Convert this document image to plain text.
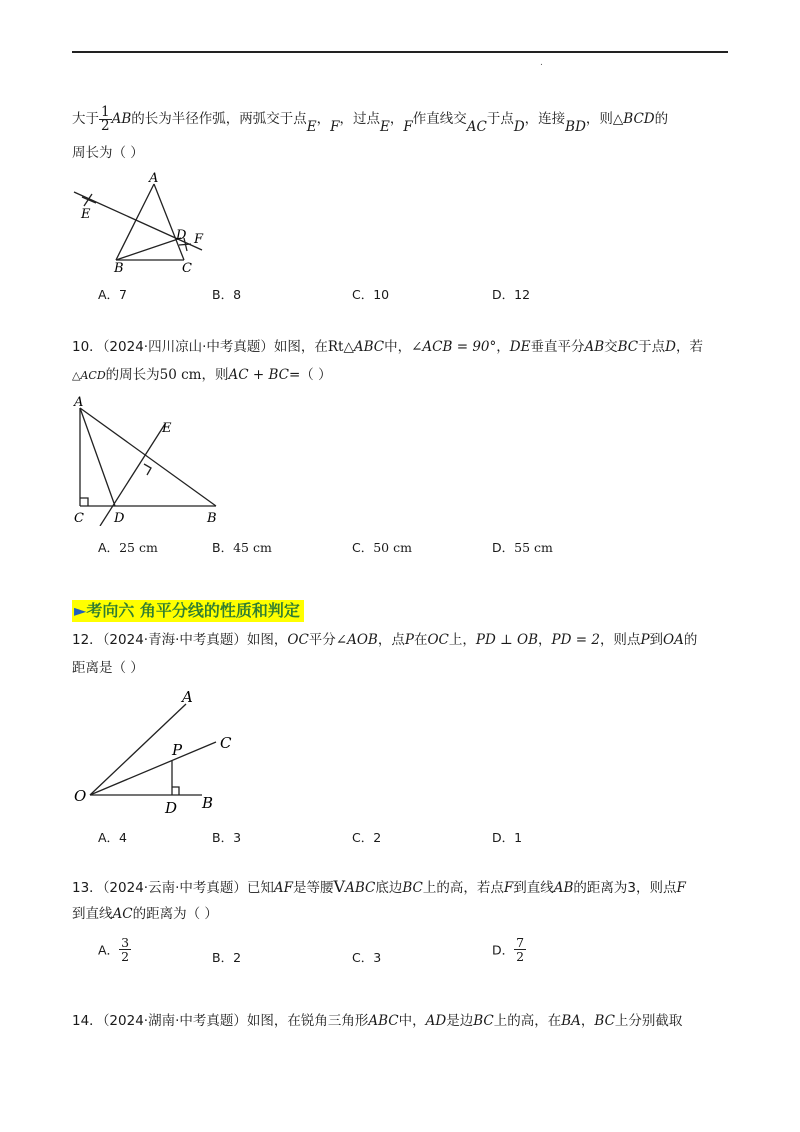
.
大于 $\frac{1}{2}$ AB的长为半径作弧，两弧交于点E，F，过点E，F作直线交AC于点D，连接BD，则△BCD的
周长为（ ）
A
E
D F
B	C
A．7	B．8	C．10	D．12
10．（2024·四川凉山·中考真题）如图，在Rt△ABC中，∠ACB = 90°，DE垂直平分AB交BC于点D，若
△ACD的周长为50 cm，则AC + BC=（ ）
A
E
C D	B
A．25 cm	B．45 cm	C．50 cm	D．55 cm
►考向六 角平分线的性质和判定
12．（2024·青海·中考真题）如图，OC平分∠AOB，点P在OC上，PD ⊥ OB，PD = 2，则点P到OA的
距离是（ ）
A
C
P
O
D B
A．4	B．3	C．2	D．1
13．（2024·云南·中考真题）已知AF是等腰VABC底边BC上的高，若点F到直线AB的距离为3，则点F
到直线AC的距离为（ ）
A． $\frac{3}{2}$	B．2	C．3	D． $\frac{7}{2}$
14．（2024·湖南·中考真题）如图，在锐角三角形ABC中，AD是边BC上的高，在BA，BC上分别截取
